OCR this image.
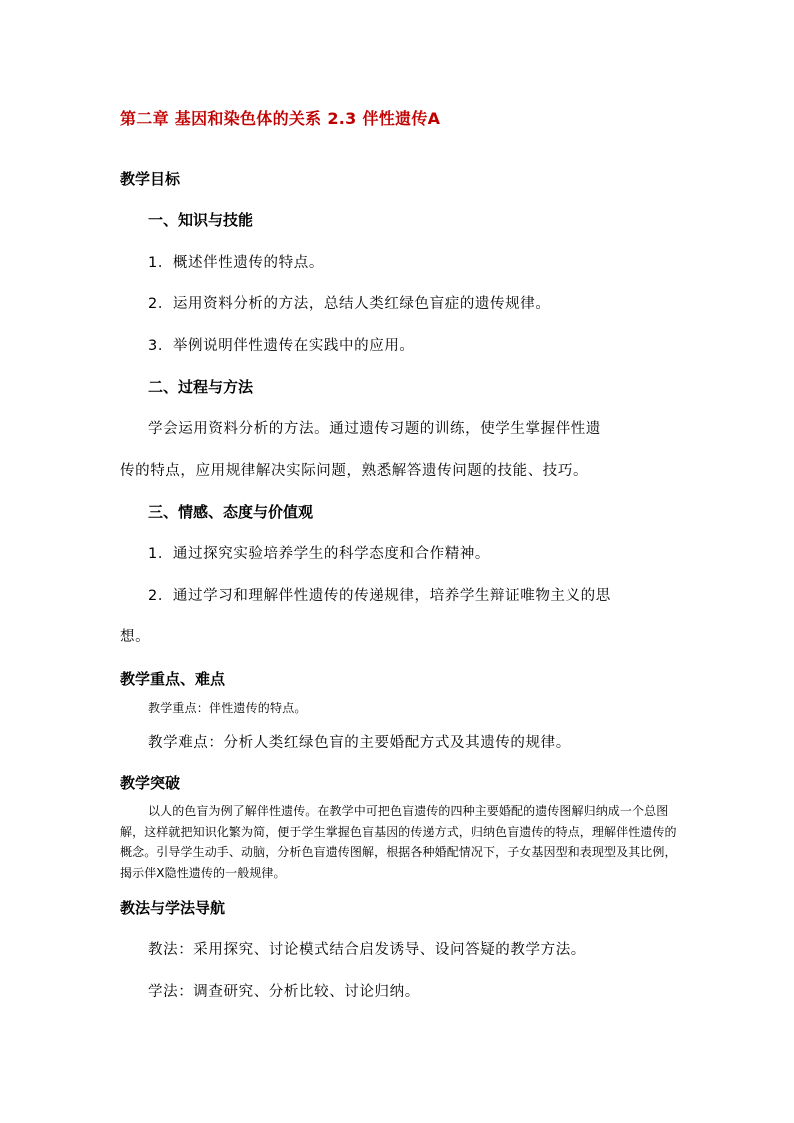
第二章 基因和染色体的关系 2.3 伴性遗传A
教学目标
一、知识与技能
1．概述伴性遗传的特点。
2．运用资料分析的方法，总结人类红绿色盲症的遗传规律。
3．举例说明伴性遗传在实践中的应用。
二、过程与方法
学会运用资料分析的方法。通过遗传习题的训练，使学生掌握伴性遗
传的特点，应用规律解决实际问题，熟悉解答遗传问题的技能、技巧。
三、情感、态度与价值观
1．通过探究实验培养学生的科学态度和合作精神。
2．通过学习和理解伴性遗传的传递规律，培养学生辩证唯物主义的思
想。
教学重点、难点
教学重点：伴性遗传的特点。
教学难点：分析人类红绿色盲的主要婚配方式及其遗传的规律。
教学突破

以人的色盲为例了解伴性遗传。在教学中可把色盲遗传的四种主要婚配的遗传图解归纳成一个总图解，这样就把知识化繁为简，便于学生掌握色盲基因的传递方式，归纳色盲遗传的特点，理解伴性遗传的概念。引导学生动手、动脑，分析色盲遗传图解，根据各种婚配情况下，子女基因型和表现型及其比例，揭示伴Ⅹ隐性遗传的一般规律。

教法与学法导航
教法：采用探究、讨论模式结合启发诱导、设问答疑的教学方法。
学法：调查研究、分析比较、讨论归纳。
